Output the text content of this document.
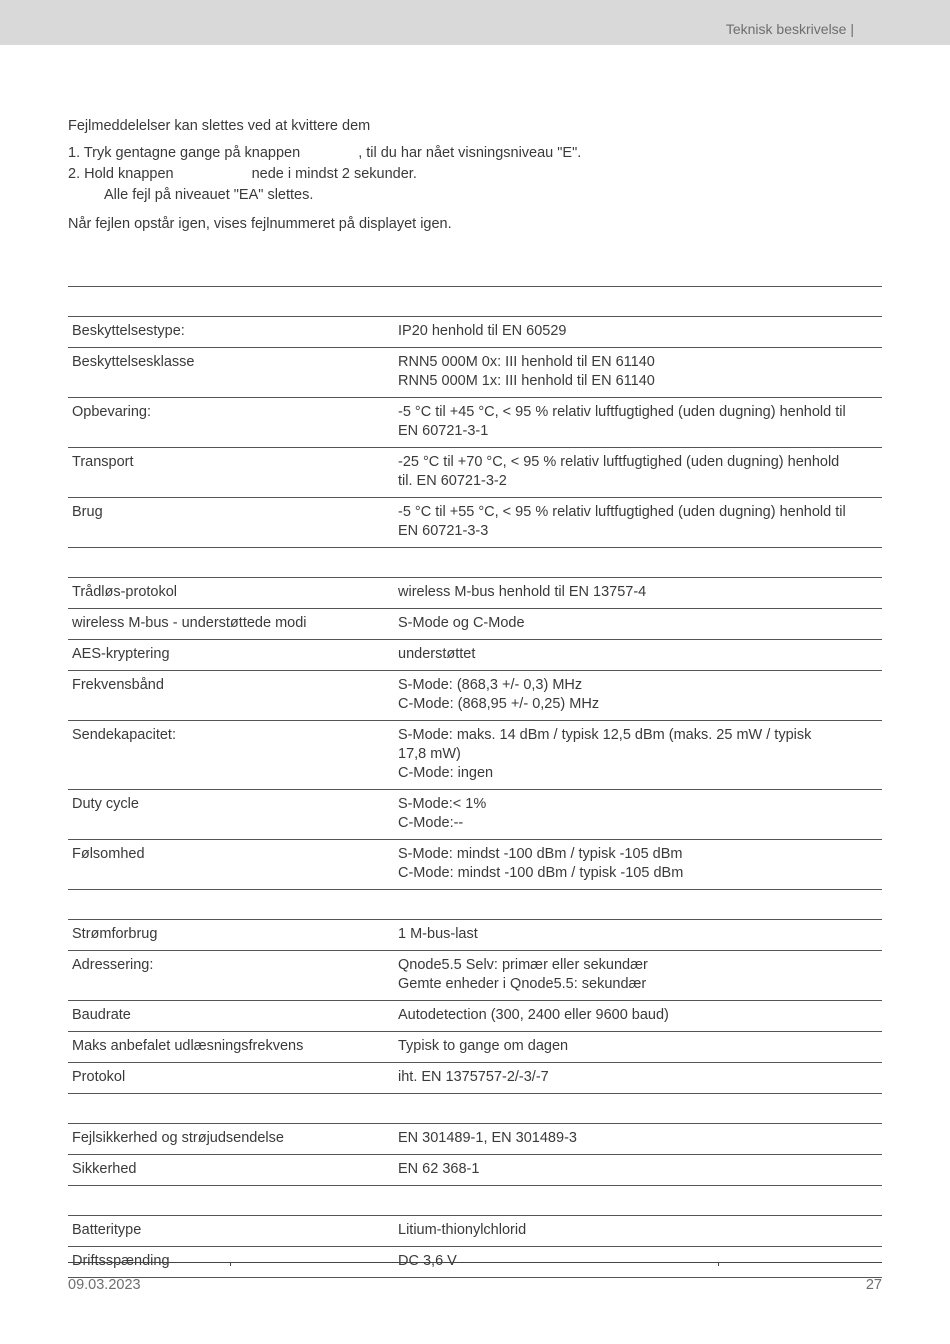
Teknisk beskrivelse |

Fejlmeddelelser kan slettes ved at kvittere dem

1. Tryk gentagne gange på knappen	, til du har nået visningsniveau "E".

2. Hold knappen	nede i mindst 2 sekunder.

Alle fejl på niveauet "EA" slettes.

Når fejlen opstår igen, vises fejlnummeret på displayet igen.

Beskyttelsestype:	IP20 henhold til EN 60529
Beskyttelsesklasse	RNN5 000M 0x: III henhold til EN 61140
RNN5 000M 1x: III henhold til EN 61140
Opbevaring:	-5 °C til +45 °C, < 95 % relativ luftfugtighed (uden dugning) henhold til
EN 60721-3-1
Transport	-25 °C til +70 °C, < 95 % relativ luftfugtighed (uden dugning) henhold
til. EN 60721-3-2
Brug	-5 °C til +55 °C, < 95 % relativ luftfugtighed (uden dugning) henhold til
EN 60721-3-3
Trådløs-protokol	wireless M-bus henhold til EN 13757-4
wireless M-bus - understøttede modi	S-Mode og C-Mode
AES-kryptering	understøttet
Frekvensbånd	S-Mode: (868,3 +/- 0,3) MHz
C-Mode: (868,95 +/- 0,25) MHz
Sendekapacitet:	S-Mode: maks. 14 dBm / typisk 12,5 dBm (maks. 25 mW / typisk
17,8 mW)
C-Mode: ingen
Duty cycle	S-Mode:< 1%
C-Mode:--
Følsomhed	S-Mode: mindst -100 dBm / typisk -105 dBm
C-Mode: mindst -100 dBm / typisk -105 dBm
Strømforbrug	1 M-bus-last
Adressering:	Qnode5.5 Selv: primær eller sekundær
Gemte enheder i Qnode5.5: sekundær
Baudrate	Autodetection (300, 2400 eller 9600 baud)
Maks anbefalet udlæsningsfrekvens	Typisk to gange om dagen
Protokol	iht. EN 1375757-2/-3/-7
Fejlsikkerhed og strøjudsendelse	EN 301489-1, EN 301489-3
Sikkerhed	EN 62 368-1
Batteritype	Litium-thionylchlorid
Driftsspænding	DC 3,6 V
09.03.2023	27
